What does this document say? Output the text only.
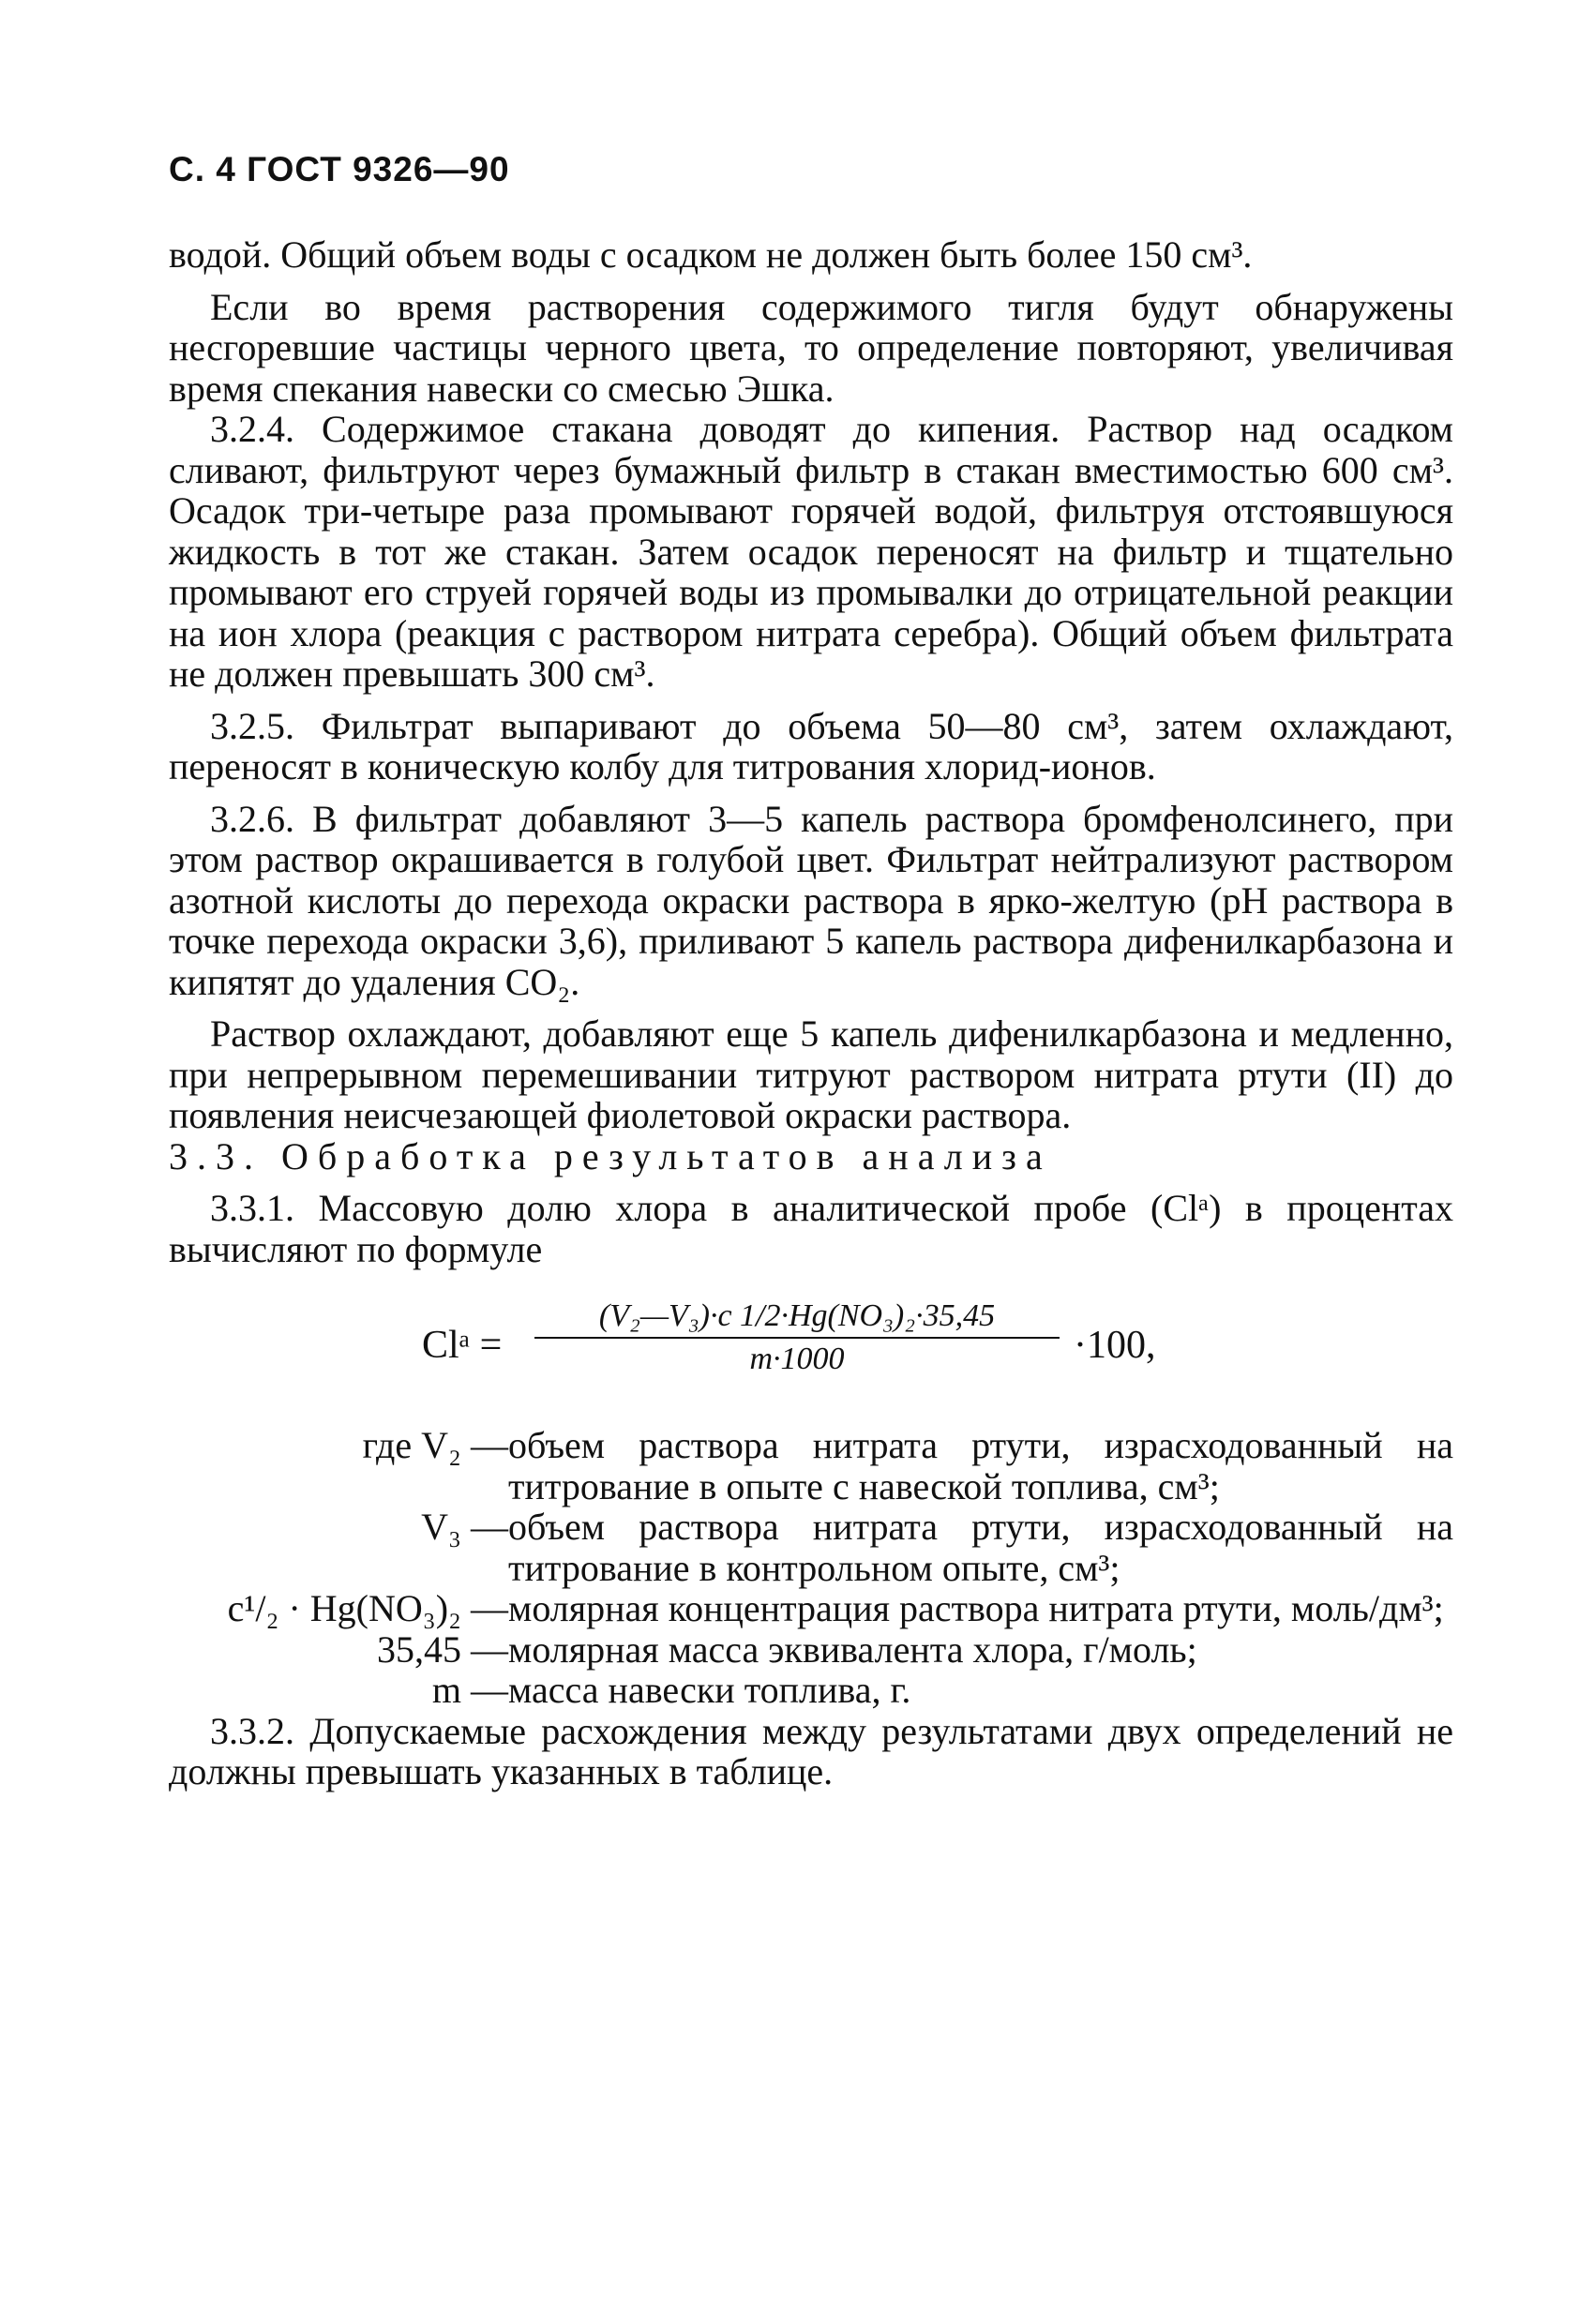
С. 4 ГОСТ 9326—90

водой. Общий объем воды с осадком не должен быть более 150 см³.

Если во время растворения содержимого тигля будут обнаружены несгоревшие частицы черного цвета, то определение повторяют, увеличивая время спекания навески со смесью Эшка.

3.2.4. Содержимое стакана доводят до кипения. Раствор над осадком сливают, фильтруют через бумажный фильтр в стакан вместимостью 600 см³. Осадок три-четыре раза промывают горячей водой, фильтруя отстоявшуюся жидкость в тот же стакан. Затем осадок переносят на фильтр и тщательно промывают его струей горячей воды из промывалки до отрицательной реакции на ион хлора (реакция с раствором нитрата серебра). Общий объем фильтрата не должен превышать 300 см³.

3.2.5. Фильтрат выпаривают до объема 50—80 см³, затем охлаждают, переносят в коническую колбу для титрования хлорид-ионов.

3.2.6. В фильтрат добавляют 3—5 капель раствора бромфенолсинего, при этом раствор окрашивается в голубой цвет. Фильтрат нейтрализуют раствором азотной кислоты до перехода окраски раствора в ярко-желтую (pH раствора в точке перехода окраски 3,6), приливают 5 капель раствора дифенилкарбазона и кипятят до удаления CO₂.

Раствор охлаждают, добавляют еще 5 капель дифенилкарбазона и медленно, при непрерывном перемешивании титруют раствором нитрата ртути (II) до появления неисчезающей фиолетовой окраски раствора.

3.3. Обработка результатов анализа

3.3.1. Массовую долю хлора в аналитической пробе (Clᵃ) в процентах вычисляют по формуле

Clᵃ =
(V₂—V₃)·c 1/2·Hg(NO₃)₂·35,45
m·1000	·100,
где V₂ — объем раствора нитрата ртути, израсходованный на титрование в опыте с навеской топлива, см³;
V₃ — объем раствора нитрата ртути, израсходованный на титрование в контрольном опыте, см³;
c¹/₂ · Hg(NO₃)₂ — молярная концентрация раствора нитрата ртути, моль/дм³;
35,45 — молярная масса эквивалента хлора, г/моль;
m — масса навески топлива, г.

3.3.2. Допускаемые расхождения между результатами двух определений не должны превышать указанных в таблице.
